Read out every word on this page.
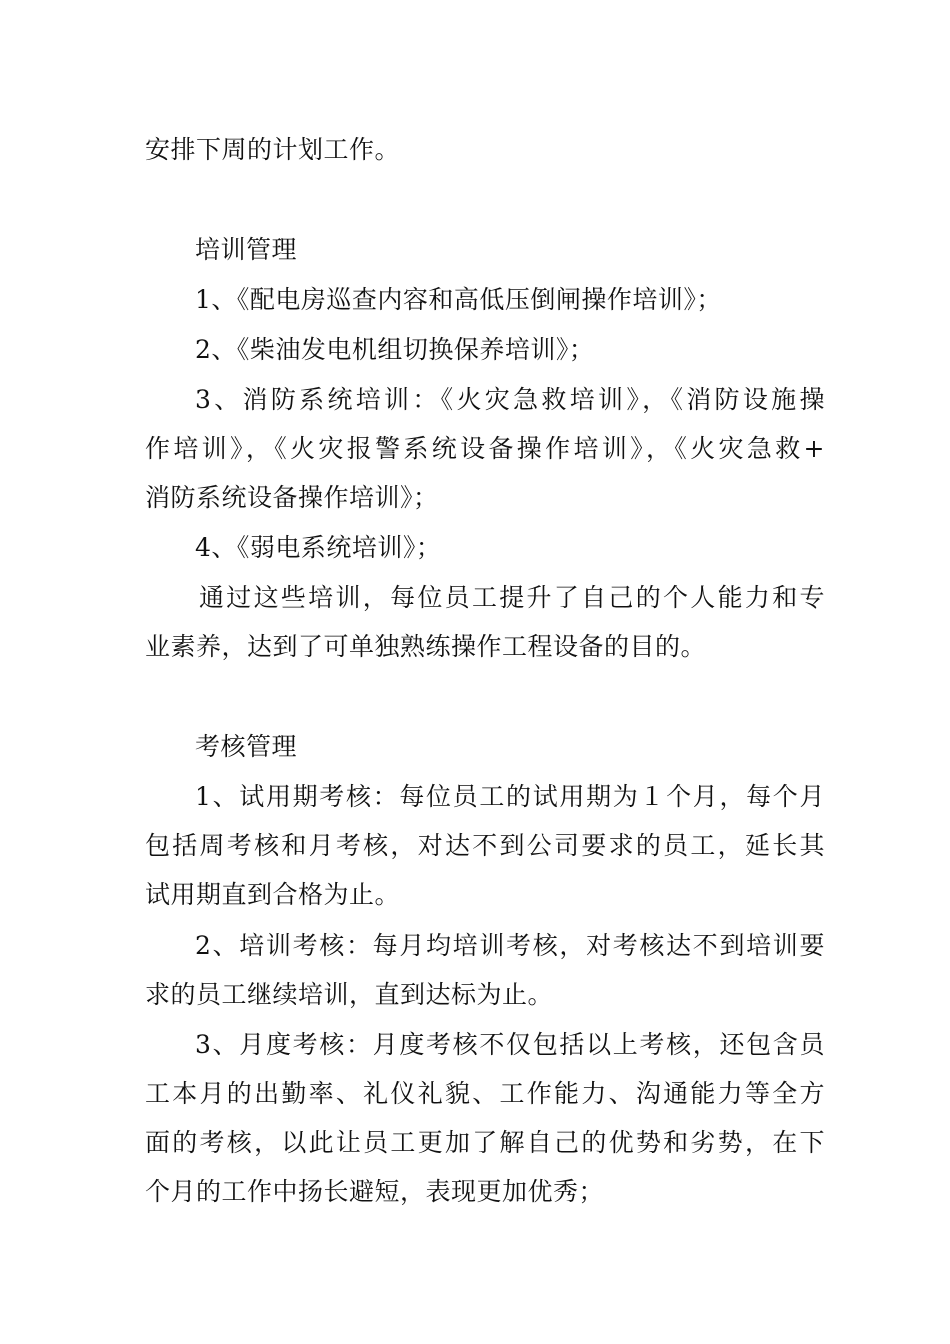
安排下周的计划工作。
培训管理
1、《配电房巡查内容和高低压倒闸操作培训》；
2、《柴油发电机组切换保养培训》；
3、消防系统培训：《火灾急救培训》，《消防设施操
作培训》，《火灾报警系统设备操作培训》，《火灾急救+
消防系统设备操作培训》；
4、《弱电系统培训》；
通过这些培训，每位员工提升了自己的个人能力和专
业素养，达到了可单独熟练操作工程设备的目的。
考核管理
1、试用期考核：每位员工的试用期为１个月，每个月
包括周考核和月考核，对达不到公司要求的员工，延长其
试用期直到合格为止。
2、培训考核：每月均培训考核，对考核达不到培训要
求的员工继续培训，直到达标为止。
3、月度考核：月度考核不仅包括以上考核，还包含员
工本月的出勤率、礼仪礼貌、工作能力、沟通能力等全方
面的考核，以此让员工更加了解自己的优势和劣势，在下
个月的工作中扬长避短，表现更加优秀；
